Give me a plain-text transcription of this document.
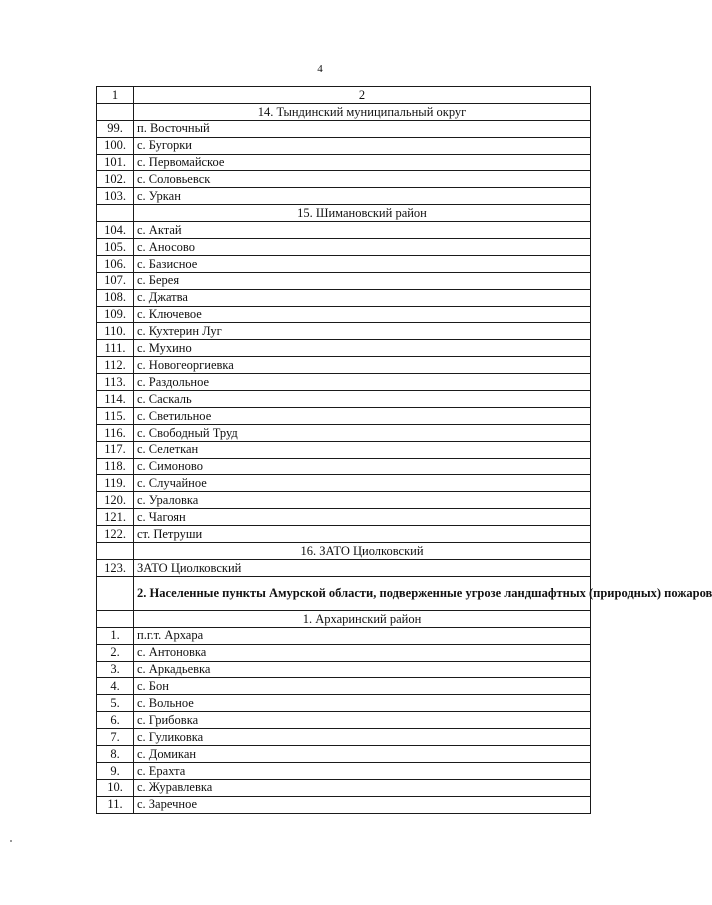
4
1	2
	14. Тындинский муниципальный округ
99.	п. Восточный
100.	с. Бугорки
101.	с. Первомайское
102.	с. Соловьевск
103.	с. Уркан
	15. Шимановский район
104.	с. Актай
105.	с. Аносово
106.	с. Базисное
107.	с. Берея
108.	с. Джатва
109.	с. Ключевое
110.	с. Кухтерин Луг
111.	с. Мухино
112.	с. Новогеоргиевка
113.	с. Раздольное
114.	с. Саскаль
115.	с. Светильное
116.	с. Свободный Труд
117.	с. Селеткан
118.	с. Симоново
119.	с. Случайное
120.	с. Ураловка
121.	с. Чагоян
122.	ст. Петруши
	16. ЗАТО Циолковский
123.	ЗАТО Циолковский
	2. Населенные пункты Амурской области, подверженные угрозе ландшафтных (природных) пожаров
	1. Архаринский район
1.	п.г.т. Архара
2.	с. Антоновка
3.	с. Аркадьевка
4.	с. Бон
5.	с. Вольное
6.	с. Грибовка
7.	с. Гуликовка
8.	с. Домикан
9.	с. Ерахта
10.	с. Журавлевка
11.	с. Заречное
